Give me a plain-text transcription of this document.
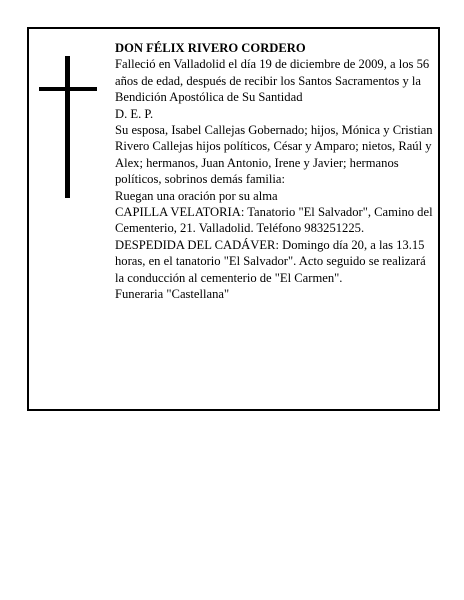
DON FÉLIX RIVERO CORDERO

Falleció en Valladolid el día 19 de diciembre de 2009, a los 56 años de edad, después de recibir los Santos Sacramentos y la Bendición Apostólica de Su Santidad

D. E. P.

Su esposa, Isabel Callejas Gobernado; hijos, Mónica y Cristian Rivero Callejas hijos políticos, César y Amparo; nietos, Raúl y Alex; hermanos, Juan Antonio, Irene y Javier; hermanos políticos, sobrinos demás familia:

Ruegan una oración por su alma

CAPILLA VELATORIA: Tanatorio "El Salvador", Camino del Cementerio, 21. Valladolid. Teléfono 983251225.

DESPEDIDA DEL CADÁVER: Domingo día 20, a las 13.15 horas, en el tanatorio "El Salvador". Acto seguido se realizará la conducción al cementerio de "El Carmen".

Funeraria "Castellana"
